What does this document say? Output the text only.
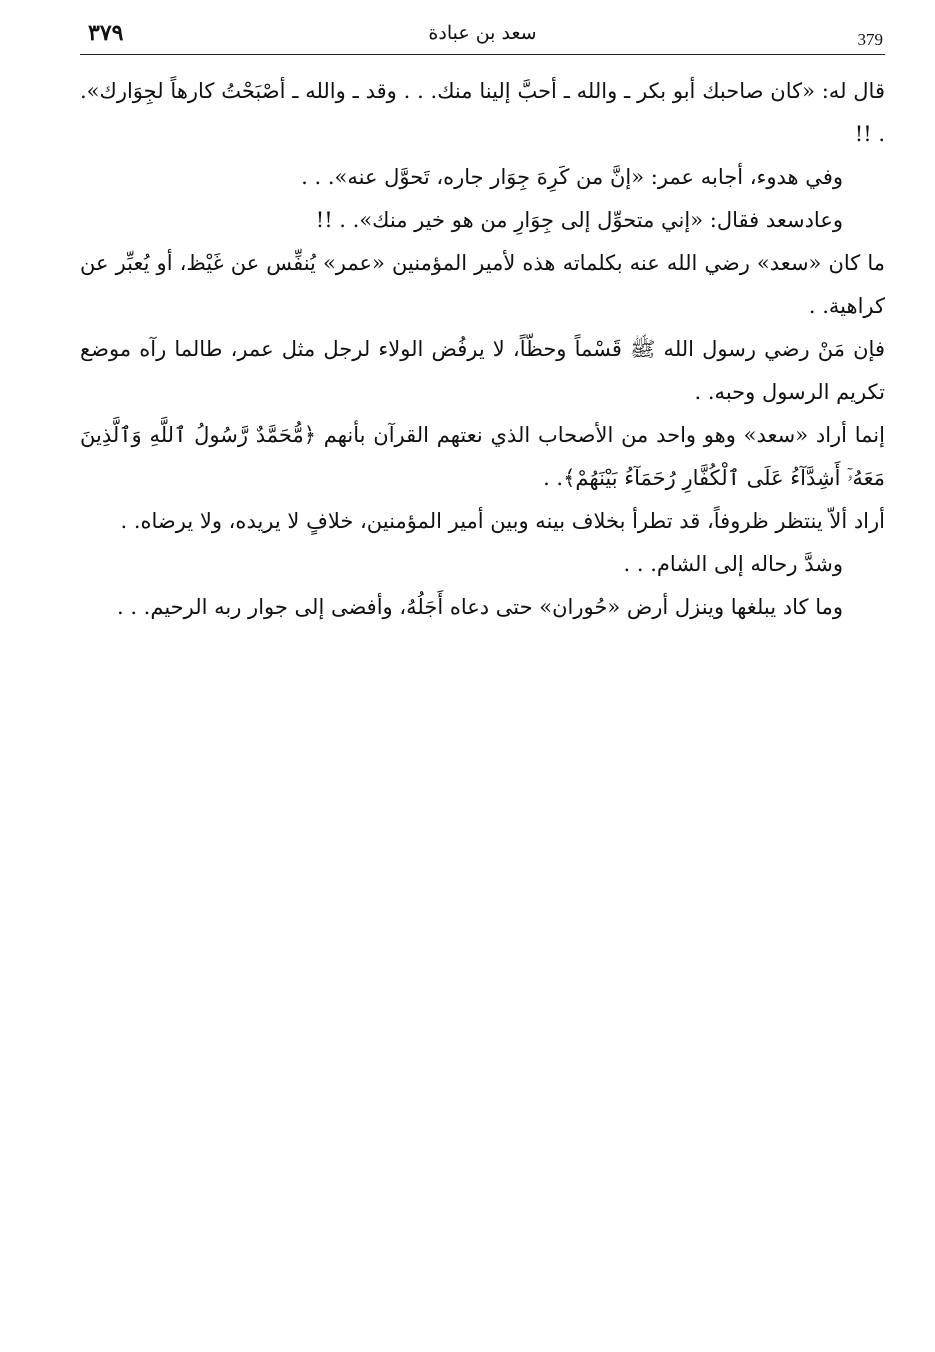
٣٧٩	سعد بن عبادة	379

قال له: «كان صاحبك أبو بكر ـ والله ـ أحبَّ إلينا منك. . . وقد ـ والله ـ أصْبَحْتُ كارهاً لجِوَارك». . !!

وفي هدوء، أجابه عمر: «إنَّ من كَرِهَ جِوَار جاره، تَحوَّل عنه». . .

وعادسعد فقال: «إني متحوِّل إلى جِوَارِ من هو خير منك». . !!

ما كان «سعد» رضي الله عنه بكلماته هذه لأمير المؤمنين «عمر» يُنفِّس عن غَيْظ، أو يُعبِّر عن كراهية. .

فإن مَنْ رضي رسول الله ﷺ قَسْماً وحظّاً، لا يرفُض الولاء لرجل مثل عمر، طالما رآه موضع تكريم الرسول وحبه. .

إنما أراد «سعد» وهو واحد من الأصحاب الذي نعتهم القرآن بأنهم ﴿مُّحَمَّدٌ رَّسُولُ ٱللَّهِ وَٱلَّذِينَ مَعَهُۥٓ أَشِدَّآءُ عَلَى ٱلْكُفَّارِ رُحَمَآءُ بَيْنَهُمْ﴾. .

أراد ألاّ ينتظر ظروفاً، قد تطرأ بخلاف بينه وبين أمير المؤمنين، خلافٍ لا يريده، ولا يرضاه. .

وشدَّ رحاله إلى الشام. . .

وما كاد يبلغها وينزل أرض «حُوران» حتى دعاه أَجَلُهُ، وأفضى إلى جوار ربه الرحيم. . .
